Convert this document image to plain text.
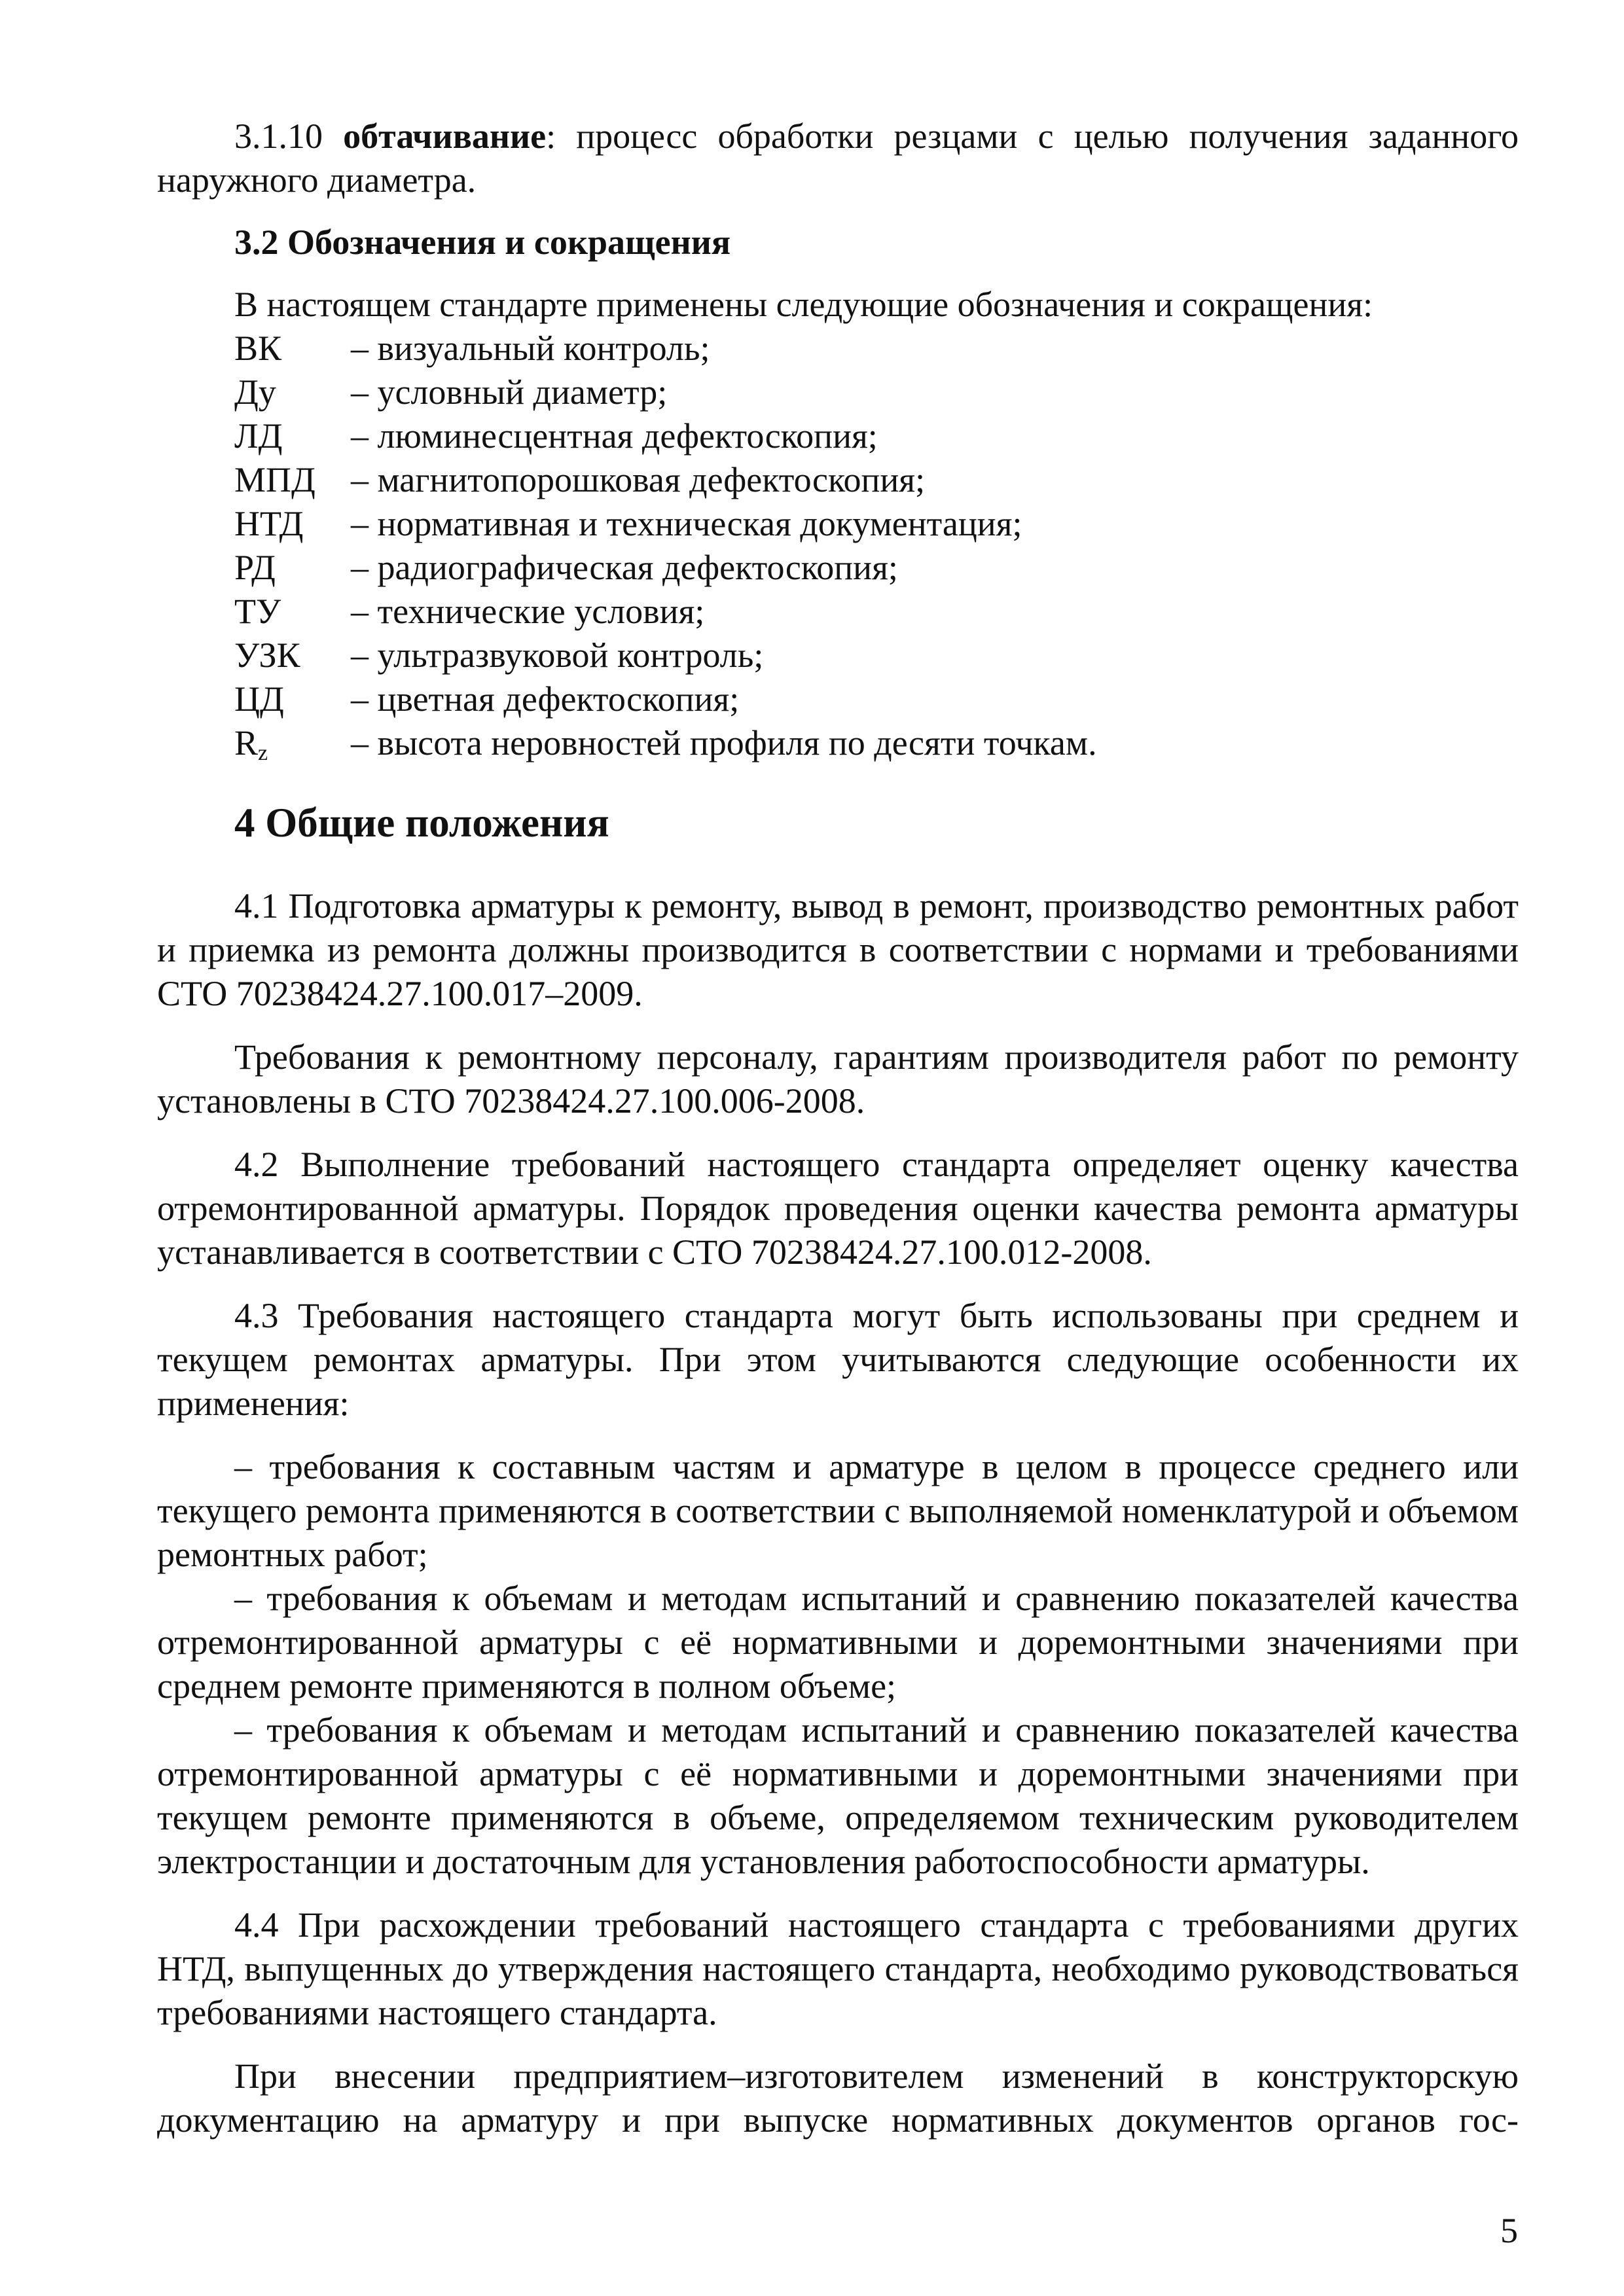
3.1.10 обтачивание: процесс обработки резцами с целью получения заданного наружного диаметра.

3.2 Обозначения и сокращения

В настоящем стандарте применены следующие обозначения и сокращения:

ВК	– визуальный контроль;
Ду	– условный диаметр;
ЛД	– люминесцентная дефектоскопия;
МПД	– магнитопорошковая дефектоскопия;
НТД	– нормативная и техническая документация;
РД	– радиографическая дефектоскопия;
ТУ	– технические условия;
УЗК	– ультразвуковой контроль;
ЦД	– цветная дефектоскопия;
$R_z$	– высота неровностей профиля по десяти точкам.
4 Общие положения

4.1 Подготовка арматуры к ремонту, вывод в ремонт, производство ремонтных работ и приемка из ремонта должны производится в соответствии с нормами и требованиями СТО 70238424.27.100.017–2009.

Требования к ремонтному персоналу, гарантиям производителя работ по ремонту установлены в СТО 70238424.27.100.006-2008.

4.2 Выполнение требований настоящего стандарта определяет оценку качества отремонтированной арматуры. Порядок проведения оценки качества ремонта арматуры устанавливается в соответствии с СТО 70238424.27.100.012-2008.

4.3 Требования настоящего стандарта могут быть использованы при среднем и текущем ремонтах арматуры. При этом учитываются следующие особенности их применения:

– требования к составным частям и арматуре в целом в процессе среднего или текущего ремонта применяются в соответствии с выполняемой номенклатурой и объемом ремонтных работ;

– требования к объемам и методам испытаний и сравнению показателей качества отремонтированной арматуры с её нормативными и доремонтными значениями при среднем ремонте применяются в полном объеме;

– требования к объемам и методам испытаний и сравнению показателей качества отремонтированной арматуры с её нормативными и доремонтными значениями при текущем ремонте применяются в объеме, определяемом техническим руководителем электростанции и достаточным для установления работоспособности арматуры.

4.4 При расхождении требований настоящего стандарта с требованиями других НТД, выпущенных до утверждения настоящего стандарта, необходимо руководствоваться требованиями настоящего стандарта.

При внесении предприятием–изготовителем изменений в конструкторскую документацию на арматуру и при выпуске нормативных документов органов гос-

5
